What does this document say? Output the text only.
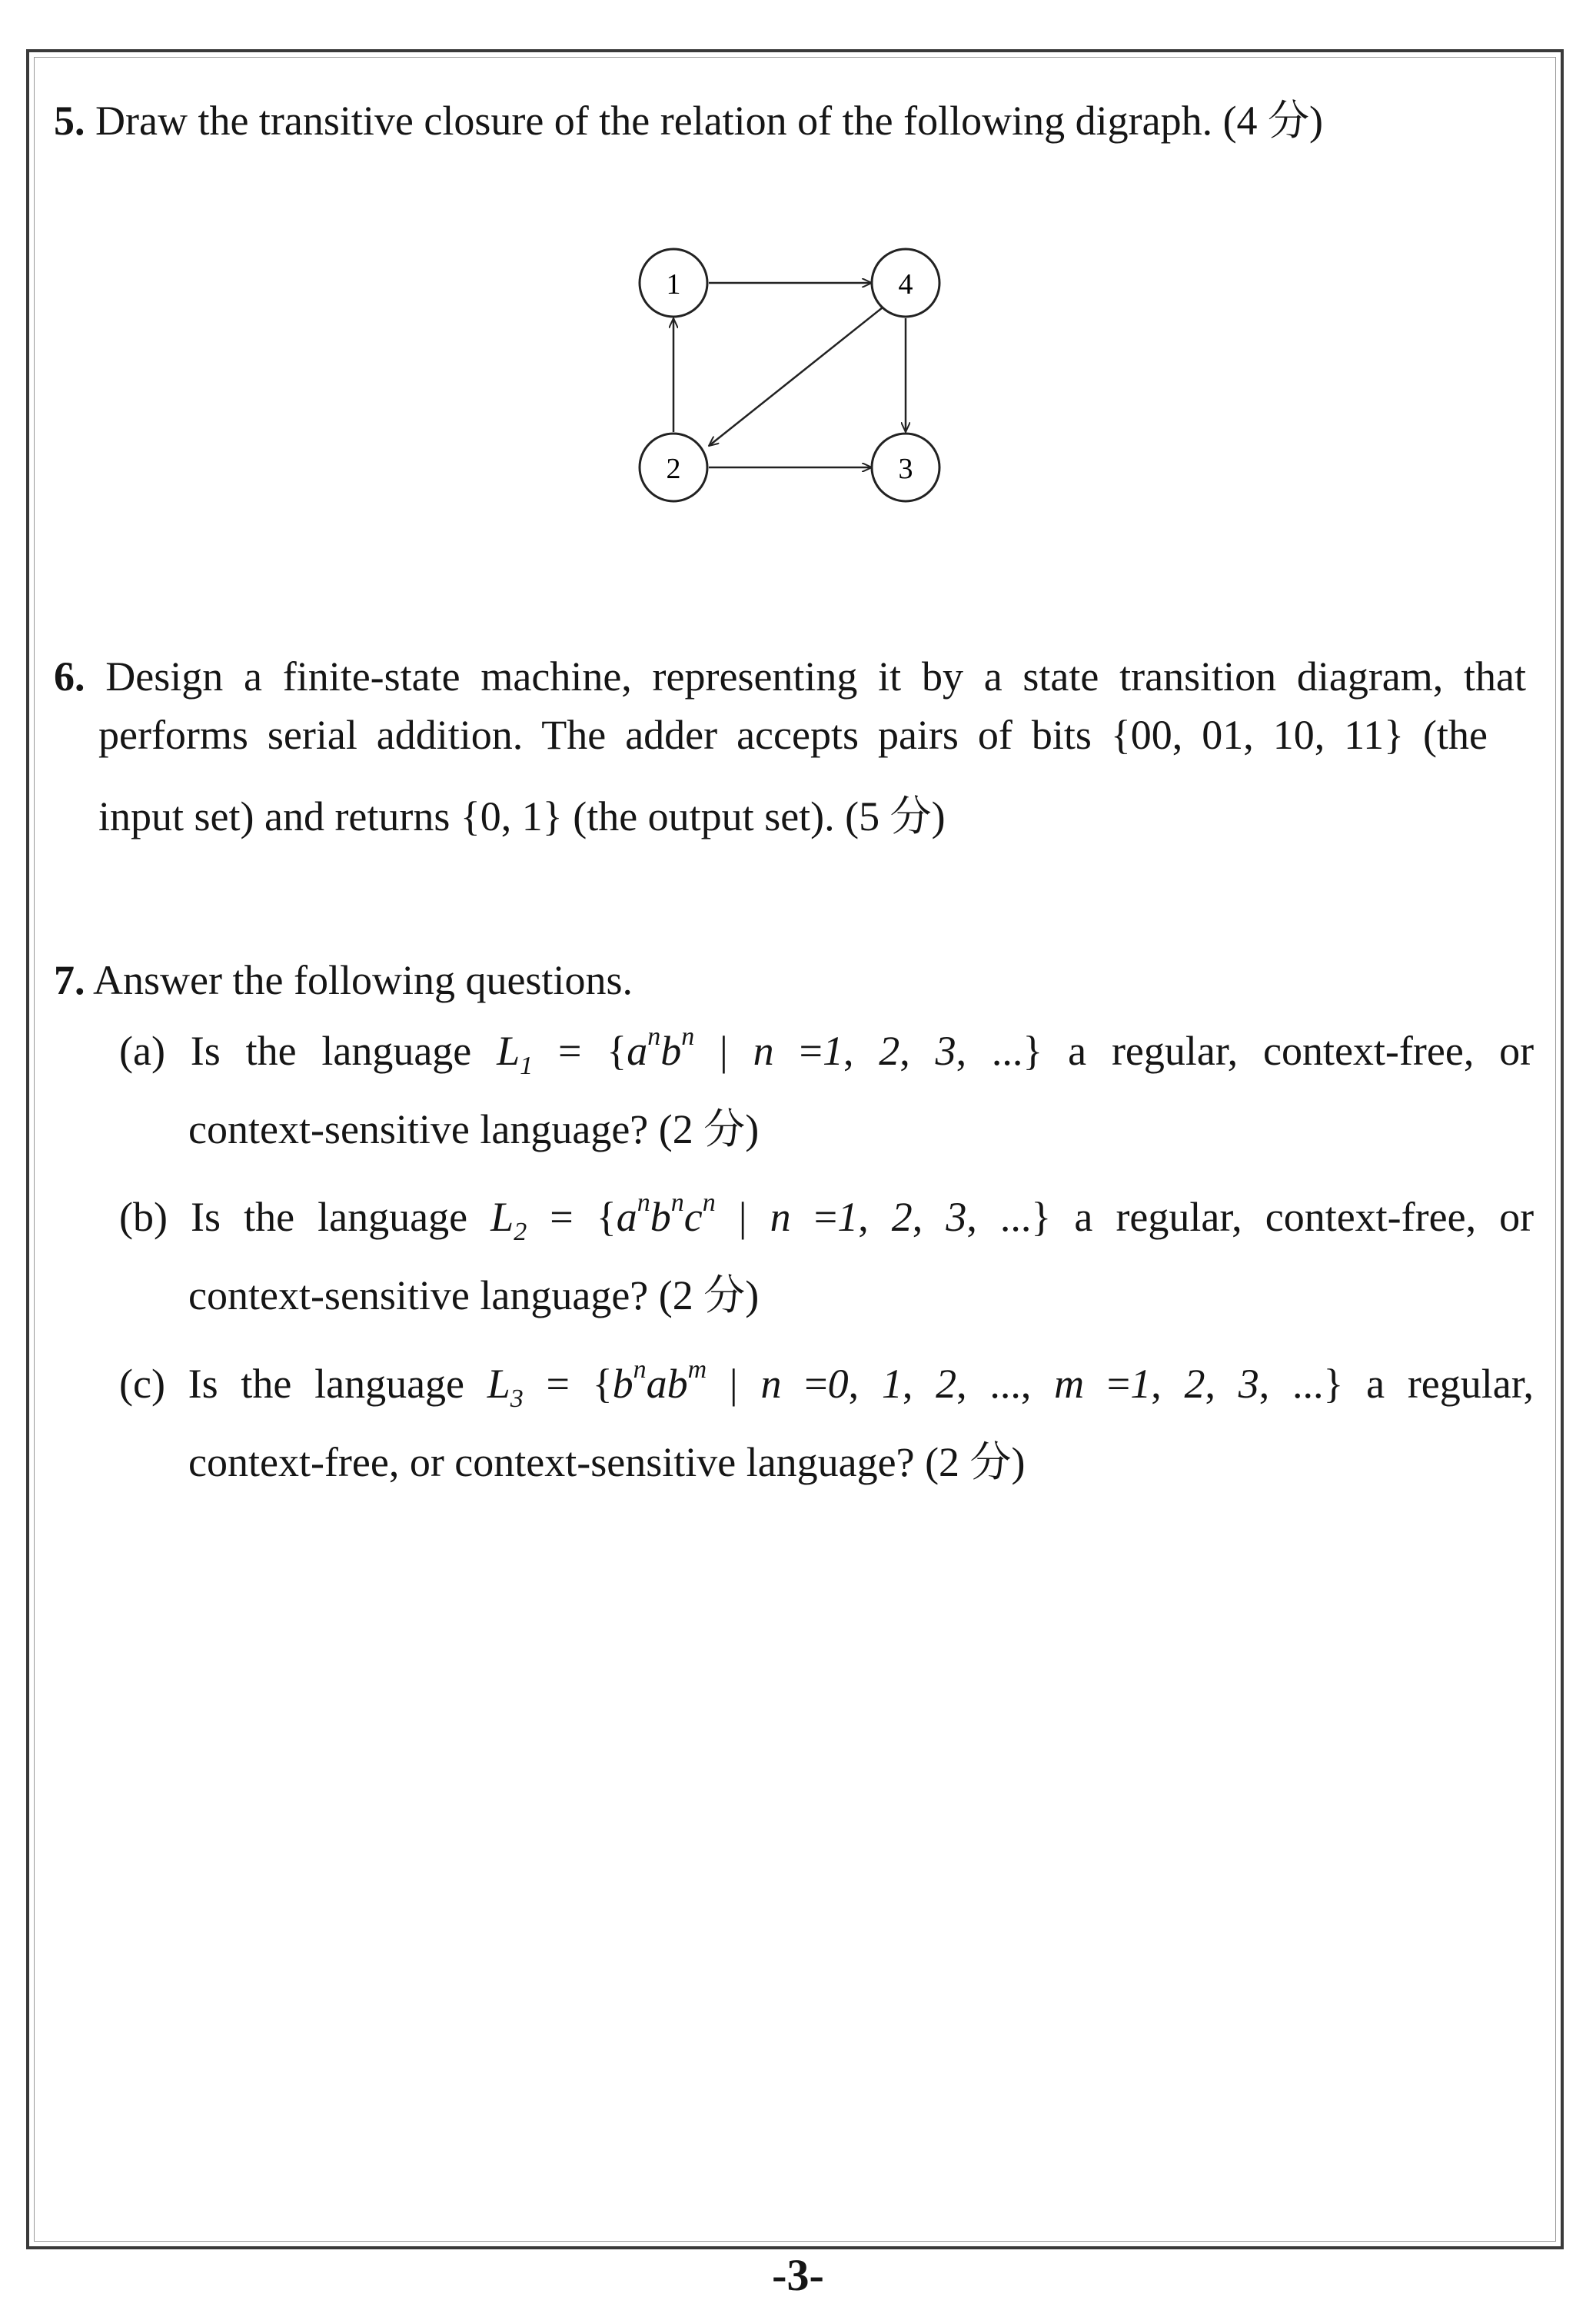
5. Draw the transitive closure of the relation of the following digraph. (4 分)
1	4
2	3
6. Design a finite-state machine, representing it by a state transition diagram, that
performs serial addition. The adder accepts pairs of bits {00, 01, 10, 11} (the
input set) and returns {0, 1} (the output set). (5 分)
7. Answer the following questions.
(a) Is the language $L_1 = \{a^nb^n$ | n =1, 2, 3, ...} a regular, context-free, or
context-sensitive language? (2 分)
(b) Is the language $L_2 = \{a^nb^nc^n$ | n =1, 2, 3, ...} a regular, context-free, or
context-sensitive language? (2 分)
(c) Is the language $L_3 = \{b^nab^m$ | n =0, 1, 2, ..., m =1, 2, 3, ...} a regular,
context-free, or context-sensitive language? (2 分)
-3-
